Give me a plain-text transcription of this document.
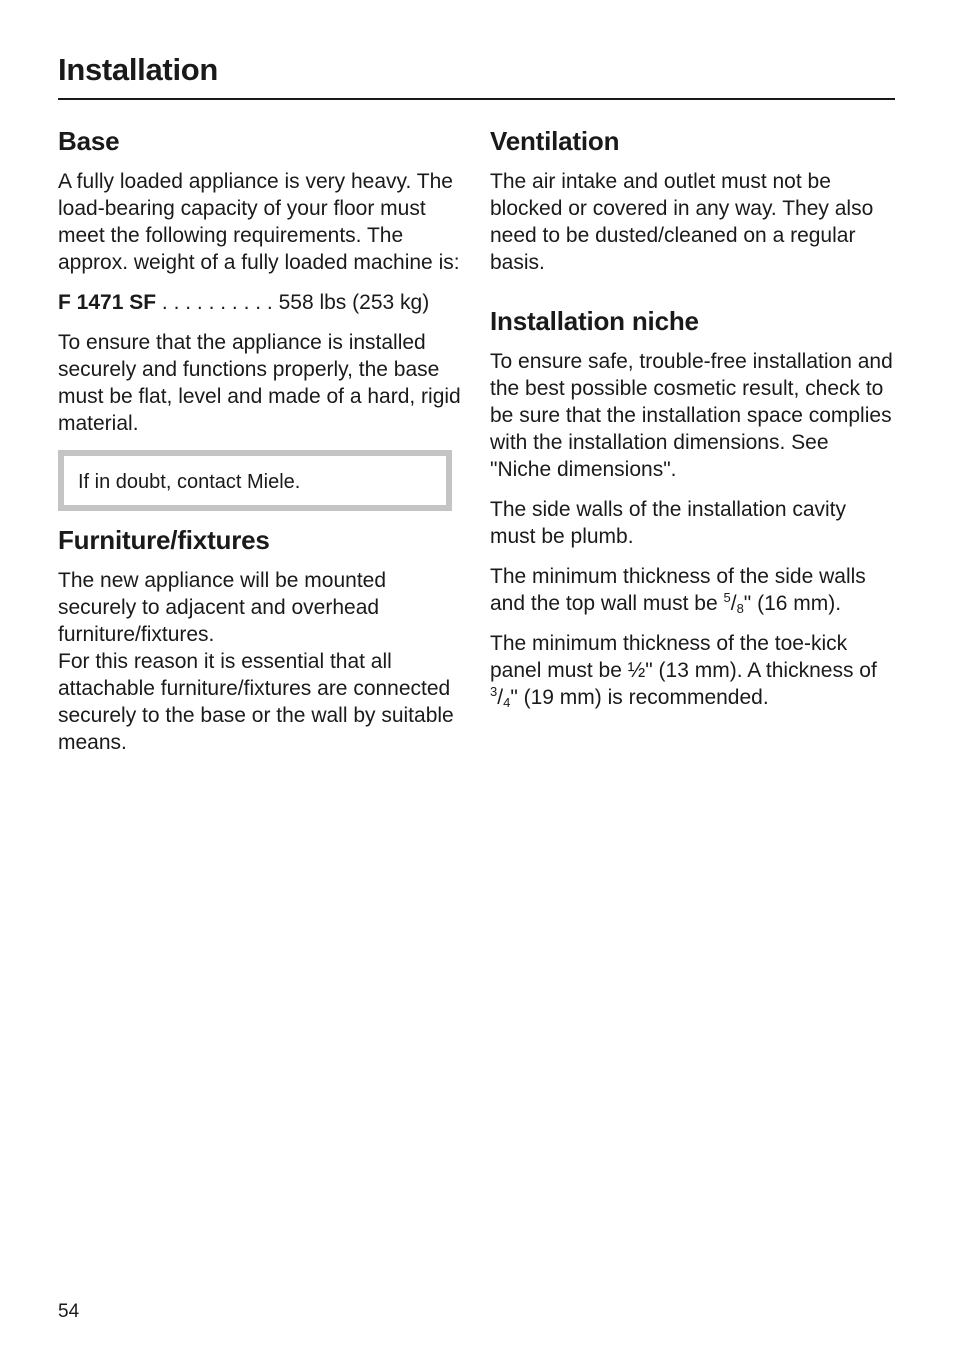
Installation
Base

A fully loaded appliance is very heavy. The load-bearing capacity of your floor must meet the following requirements. The approx. weight of a fully loaded machine is:

F 1471 SF . . . . . . . . . . 558 lbs (253 kg)

To ensure that the appliance is installed securely and functions properly, the base must be flat, level and made of a hard, rigid material.

If in doubt, contact Miele.

Furniture/fixtures

The new appliance will be mounted securely to adjacent and overhead furniture/fixtures.
For this reason it is essential that all attachable furniture/fixtures are connected securely to the base or the wall by suitable means.

Ventilation

The air intake and outlet must not be blocked or covered in any way. They also need to be dusted/cleaned on a regular basis.

Installation niche

To ensure safe, trouble-free installation and the best possible cosmetic result, check to be sure that the installation space complies with the installation dimensions. See "Niche dimensions".

The side walls of the installation cavity must be plumb.

The minimum thickness of the side walls and the top wall must be $^5/_8$" (16 mm).

The minimum thickness of the toe-kick panel must be ½" (13 mm). A thickness of $^3/_4$" (19 mm) is recommended.

54
